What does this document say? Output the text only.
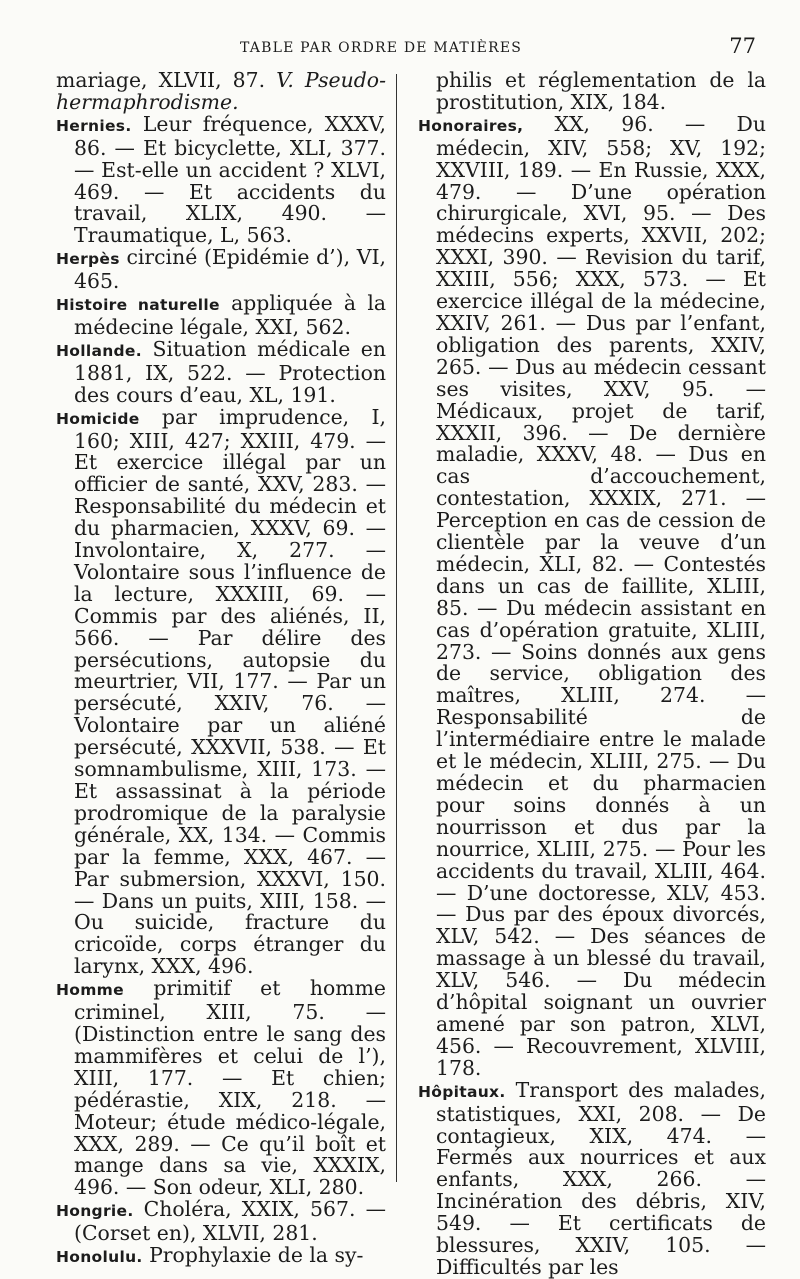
TABLE PAR ORDRE DE MATIÈRES	77

mariage, XLVII, 87. V. Pseudo-hermaphrodisme.

Hernies. Leur fréquence, XXXV, 86. — Et bicyclette, XLI, 377. — Est-elle un accident ? XLVI, 469. — Et accidents du travail, XLIX, 490. — Traumatique, L, 563.

Herpès circiné (Epidémie d’), VI, 465.

Histoire naturelle appliquée à la médecine légale, XXI, 562.

Hollande. Situation médicale en 1881, IX, 522. — Protection des cours d’eau, XL, 191.

Homicide par imprudence, I, 160; XIII, 427; XXIII, 479. — Et exercice illégal par un officier de santé, XXV, 283. — Responsabilité du médecin et du pharmacien, XXXV, 69. — Involontaire, X, 277. — Volontaire sous l’influence de la lecture, XXXIII, 69. — Commis par des aliénés, II, 566. — Par délire des persécutions, autopsie du meurtrier, VII, 177. — Par un persécuté, XXIV, 76. — Volontaire par un aliéné persécuté, XXXVII, 538. — Et somnambulisme, XIII, 173. — Et assassinat à la période prodromique de la paralysie générale, XX, 134. — Commis par la femme, XXX, 467. — Par submersion, XXXVI, 150. — Dans un puits, XIII, 158. — Ou suicide, fracture du cricoïde, corps étranger du larynx, XXX, 496.

Homme primitif et homme criminel, XIII, 75. — (Distinction entre le sang des mammifères et celui de l’), XIII, 177. — Et chien; pédérastie, XIX, 218. — Moteur; étude médico-légale, XXX, 289. — Ce qu’il boît et mange dans sa vie, XXXIX, 496. — Son odeur, XLI, 280.

Hongrie. Choléra, XXIX, 567. — (Corset en), XLVII, 281.

Honolulu. Prophylaxie de la sy-

philis et réglementation de la prostitution, XIX, 184.

Honoraires, XX, 96. — Du médecin, XIV, 558; XV, 192; XXVIII, 189. — En Russie, XXX, 479. — D’une opération chirurgicale, XVI, 95. — Des médecins experts, XXVII, 202; XXXI, 390. — Revision du tarif, XXIII, 556; XXX, 573. — Et exercice illégal de la médecine, XXIV, 261. — Dus par l’enfant, obligation des parents, XXIV, 265. — Dus au médecin cessant ses visites, XXV, 95. — Médicaux, projet de tarif, XXXII, 396. — De dernière maladie, XXXV, 48. — Dus en cas d’accouchement, contestation, XXXIX, 271. — Perception en cas de cession de clientèle par la veuve d’un médecin, XLI, 82. — Contestés dans un cas de faillite, XLIII, 85. — Du médecin assistant en cas d’opération gratuite, XLIII, 273. — Soins donnés aux gens de service, obligation des maîtres, XLIII, 274. — Responsabilité de l’intermédiaire entre le malade et le médecin, XLIII, 275. — Du médecin et du pharmacien pour soins donnés à un nourrisson et dus par la nourrice, XLIII, 275. — Pour les accidents du travail, XLIII, 464. — D’une doctoresse, XLV, 453. — Dus par des époux divorcés, XLV, 542. — Des séances de massage à un blessé du travail, XLV, 546. — Du médecin d’hôpital soignant un ouvrier amené par son patron, XLVI, 456. — Recouvrement, XLVIII, 178.

Hôpitaux. Transport des malades, statistiques, XXI, 208. — De contagieux, XIX, 474. — Fermés aux nourrices et aux enfants, XXX, 266. — Incinération des débris, XIV, 549. — Et certificats de blessures, XXIV, 105. — Difficultés par les
